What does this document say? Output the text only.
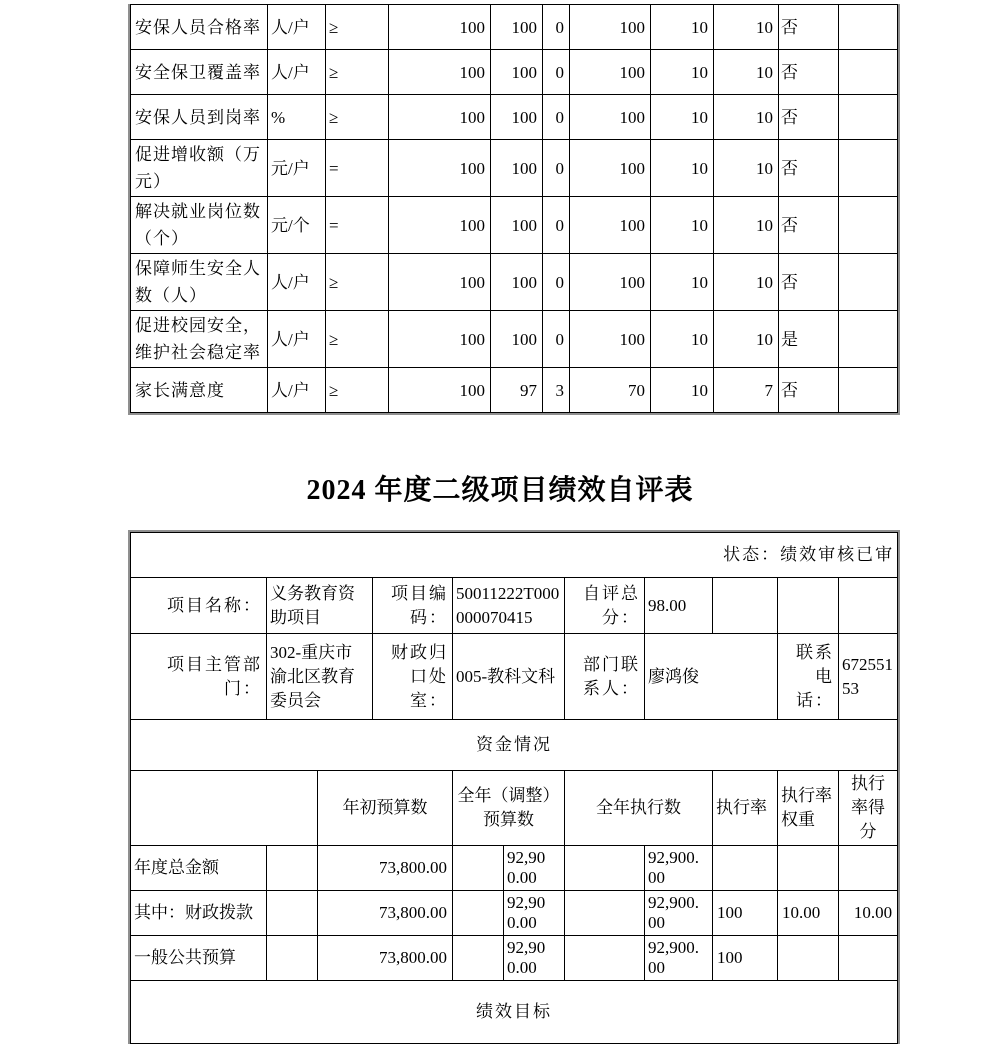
安保人员合格率	人/户	≥	100	100	0	100	10	10	否	
安全保卫覆盖率	人/户	≥	100	100	0	100	10	10	否	
安保人员到岗率	%	≥	100	100	0	100	10	10	否	
促进增收额（万元）	元/户	=	100	100	0	100	10	10	否	
解决就业岗位数（个）	元/个	=	100	100	0	100	10	10	否	
保障师生安全人数（人）	人/户	≥	100	100	0	100	10	10	否	
促进校园安全，维护社会稳定率	人/户	≥	100	100	0	100	10	10	是	
家长满意度	人/户	≥	100	97	3	70	10	7	否	
2024 年度二级项目绩效自评表
状态：绩效审核已审										
项目名称：	义务教育资助项目		项目编码：	50011222T000000070415		自评总分：	98.00			
项目主管部门：	302-重庆市渝北区教育委员会		财政归口处室：	005-教科文科		部门联系人：	廖鸿俊		联系电话：	67255153
资金情况										
		年初预算数		全年（调整）预算数		全年执行数		执行率	执行率权重	执行率得分
年度总金额		73,800.00			92,900.00		92,900.00			
其中：财政拨款		73,800.00			92,900.00		92,900.00	100	10.00	10.00
一般公共预算		73,800.00			92,900.00		92,900.00	100		
绩效目标										
